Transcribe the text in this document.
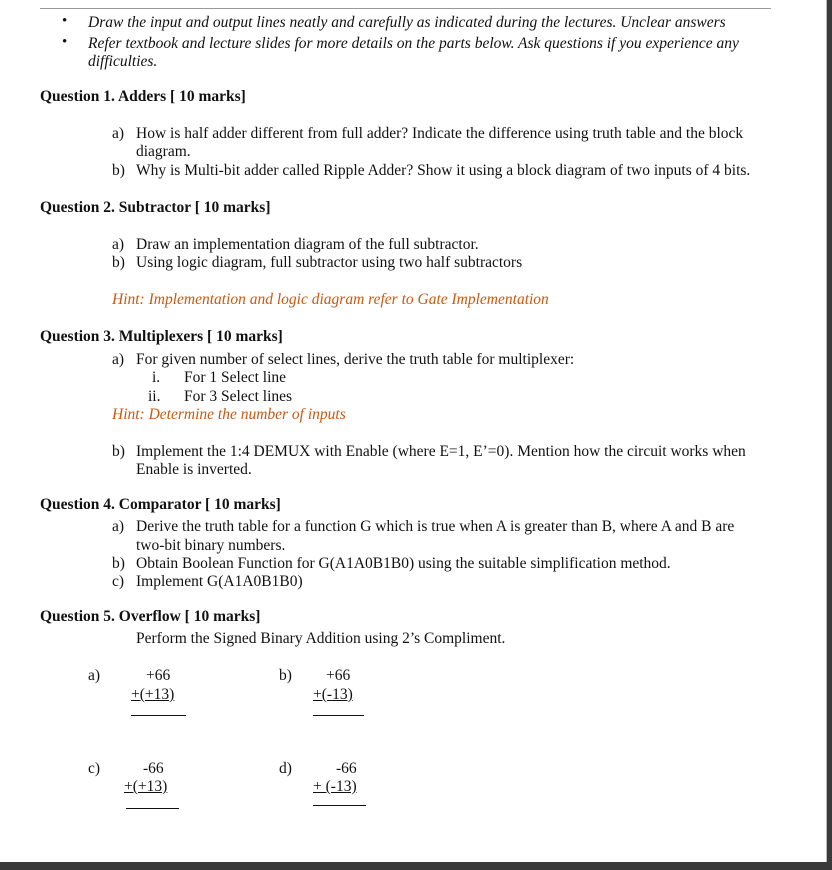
• Draw the input and output lines neatly and carefully as indicated during the lectures. Unclear answers
• Refer textbook and lecture slides for more details on the parts below. Ask questions if you experience any
difficulties.
Question 1. Adders [ 10 marks]
a) How is half adder different from full adder? Indicate the difference using truth table and the block
diagram.
b) Why is Multi-bit adder called Ripple Adder? Show it using a block diagram of two inputs of 4 bits.
Question 2. Subtractor [ 10 marks]
a) Draw an implementation diagram of the full subtractor.
b) Using logic diagram, full subtractor using two half subtractors
Hint: Implementation and logic diagram refer to Gate Implementation
Question 3. Multiplexers [ 10 marks]
a) For given number of select lines, derive the truth table for multiplexer:
i. For 1 Select line
ii. For 3 Select lines
Hint: Determine the number of inputs
b) Implement the 1:4 DEMUX with Enable (where E=1, E’=0). Mention how the circuit works when
Enable is inverted.
Question 4. Comparator [ 10 marks]
a) Derive the truth table for a function G which is true when A is greater than B, where A and B are
two-bit binary numbers.
b) Obtain Boolean Function for G(A1A0B1B0) using the suitable simplification method.
c) Implement G(A1A0B1B0)
Question 5. Overflow [ 10 marks]
Perform the Signed Binary Addition using 2’s Compliment.
a)	+66
+(+13)
b) +66
+(-13)
c)	-66
+(+13)
d)	-66
+ (-13)
